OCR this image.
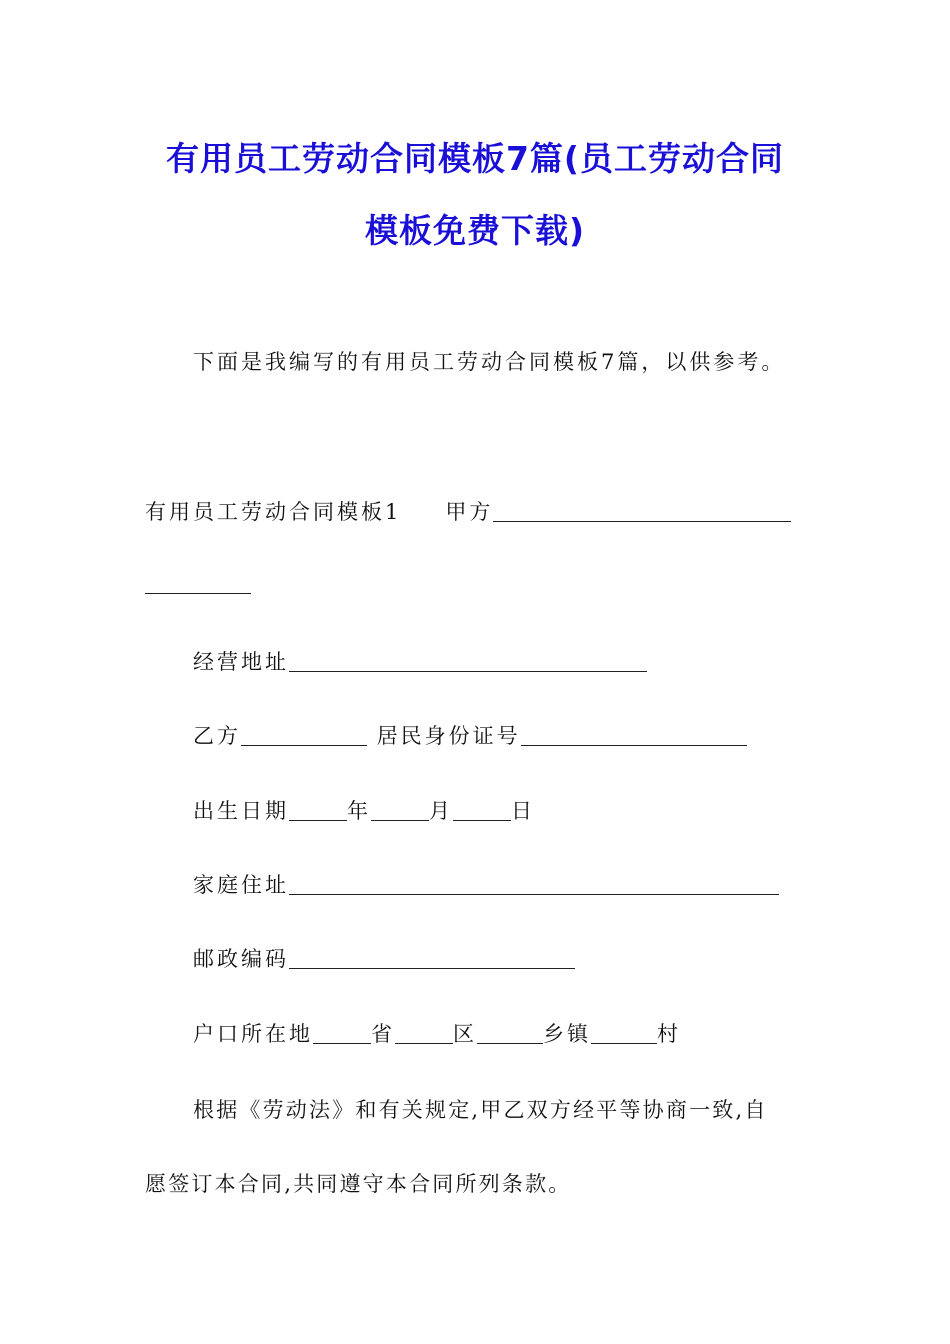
有用员工劳动合同模板7篇(员工劳动合同
模板免费下载)
下面是我编写的有用员工劳动合同模板7篇，以供参考。
有用员工劳动合同模板1 甲方
经营地址
乙方	居民身份证号
出生日期	年	月	日
家庭住址
邮政编码
户口所在地	省	区	乡镇	村
根据《劳动法》和有关规定,甲乙双方经平等协商一致,自
愿签订本合同,共同遵守本合同所列条款。
